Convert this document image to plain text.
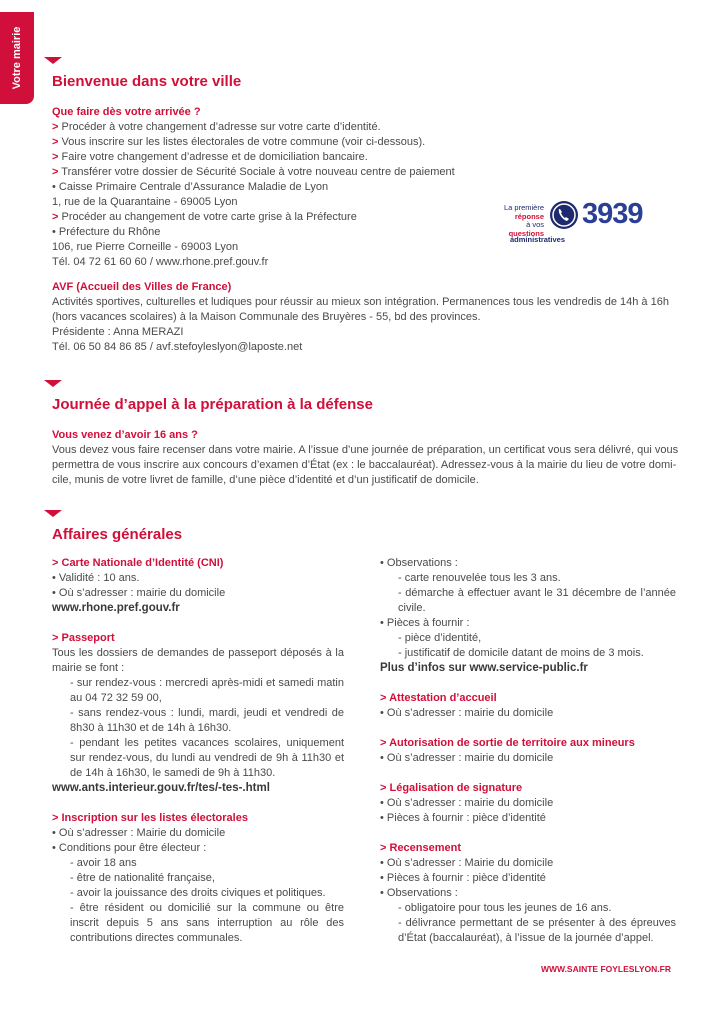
Votre mairie Bienvenue dans votre ville
Que faire dès votre arrivée ?
> Procéder à votre changement d’adresse sur votre carte d’identité.
> Vous inscrire sur les listes électorales de votre commune (voir ci-dessous).
> Faire votre changement d’adresse et de domiciliation bancaire.
> Transférer votre dossier de Sécurité Sociale à votre nouveau centre de paiement
• Caisse Primaire Centrale d’Assurance Maladie de Lyon
1, rue de la Quarantaine - 69005 Lyon
> Procéder au changement de votre carte grise à la Préfecture
• Préfecture du Rhône
106, rue Pierre Corneille - 69003 Lyon
Tél. 04 72 61 60 60 / www.rhone.pref.gouv.fr
La première
réponse
à vos
questions
administratives
3939
AVF (Accueil des Villes de France)
Activités sportives, culturelles et ludiques pour réussir au mieux son intégration. Permanences tous les vendredis de 14h à 16h
(hors vacances scolaires) à la Maison Communale des Bruyères - 55, bd des provinces.
Présidente : Anna MERAZI
Tél. 06 50 84 86 85 / avf.stefoyleslyon@laposte.net
Journée d’appel à la préparation à la défense
Vous venez d’avoir 16 ans ?
Vous devez vous faire recenser dans votre mairie. A l’issue d’une journée de préparation, un certificat vous sera délivré, qui vous
permettra de vous inscrire aux concours d’examen d’État (ex : le baccalauréat). Adressez-vous à la mairie du lieu de votre domi-
cile, munis de votre livret de famille, d’une pièce d’identité et d’un justificatif de domicile.
Affaires générales
> Carte Nationale d’Identité (CNI)
• Validité : 10 ans.
• Où s’adresser : mairie du domicile
www.rhone.pref.gouv.fr
> Passeport
Tous les dossiers de demandes de passeport déposés à la mairie se font :
- sur rendez-vous : mercredi après-midi et samedi matin au 04 72 32 59 00,
- sans rendez-vous : lundi, mardi, jeudi et vendredi de 8h30 à 11h30 et de 14h à 16h30.
- pendant les petites vacances scolaires, uniquement sur rendez-vous, du lundi au vendredi de 9h à 11h30 et de 14h à 16h30, le samedi de 9h à 11h30.
www.ants.interieur.gouv.fr/tes/-tes-.html
> Inscription sur les listes électorales
• Où s’adresser : Mairie du domicile
• Conditions pour être électeur :
- avoir 18 ans
- être de nationalité française,
- avoir la jouissance des droits civiques et politiques.
- être résident ou domicilié sur la commune ou être inscrit depuis 5 ans sans interruption au rôle des contributions directes communales.
• Observations :
- carte renouvelée tous les 3 ans.
- démarche à effectuer avant le 31 décembre de l’année civile.
• Pièces à fournir :
- pièce d’identité,
- justificatif de domicile datant de moins de 3 mois.
Plus d’infos sur www.service-public.fr
> Attestation d’accueil
• Où s’adresser : mairie du domicile
> Autorisation de sortie de territoire aux mineurs
• Où s’adresser : mairie du domicile
> Légalisation de signature
• Où s’adresser : mairie du domicile
• Pièces à fournir : pièce d’identité
> Recensement
• Où s’adresser : Mairie du domicile
• Pièces à fournir : pièce d’identité
• Observations :
- obligatoire pour tous les jeunes de 16 ans.
- délivrance permettant de se présenter à des épreuves d’État (baccalauréat), à l’issue de la journée d’appel.
WWW.SAINTE FOYLESLYON.FR
